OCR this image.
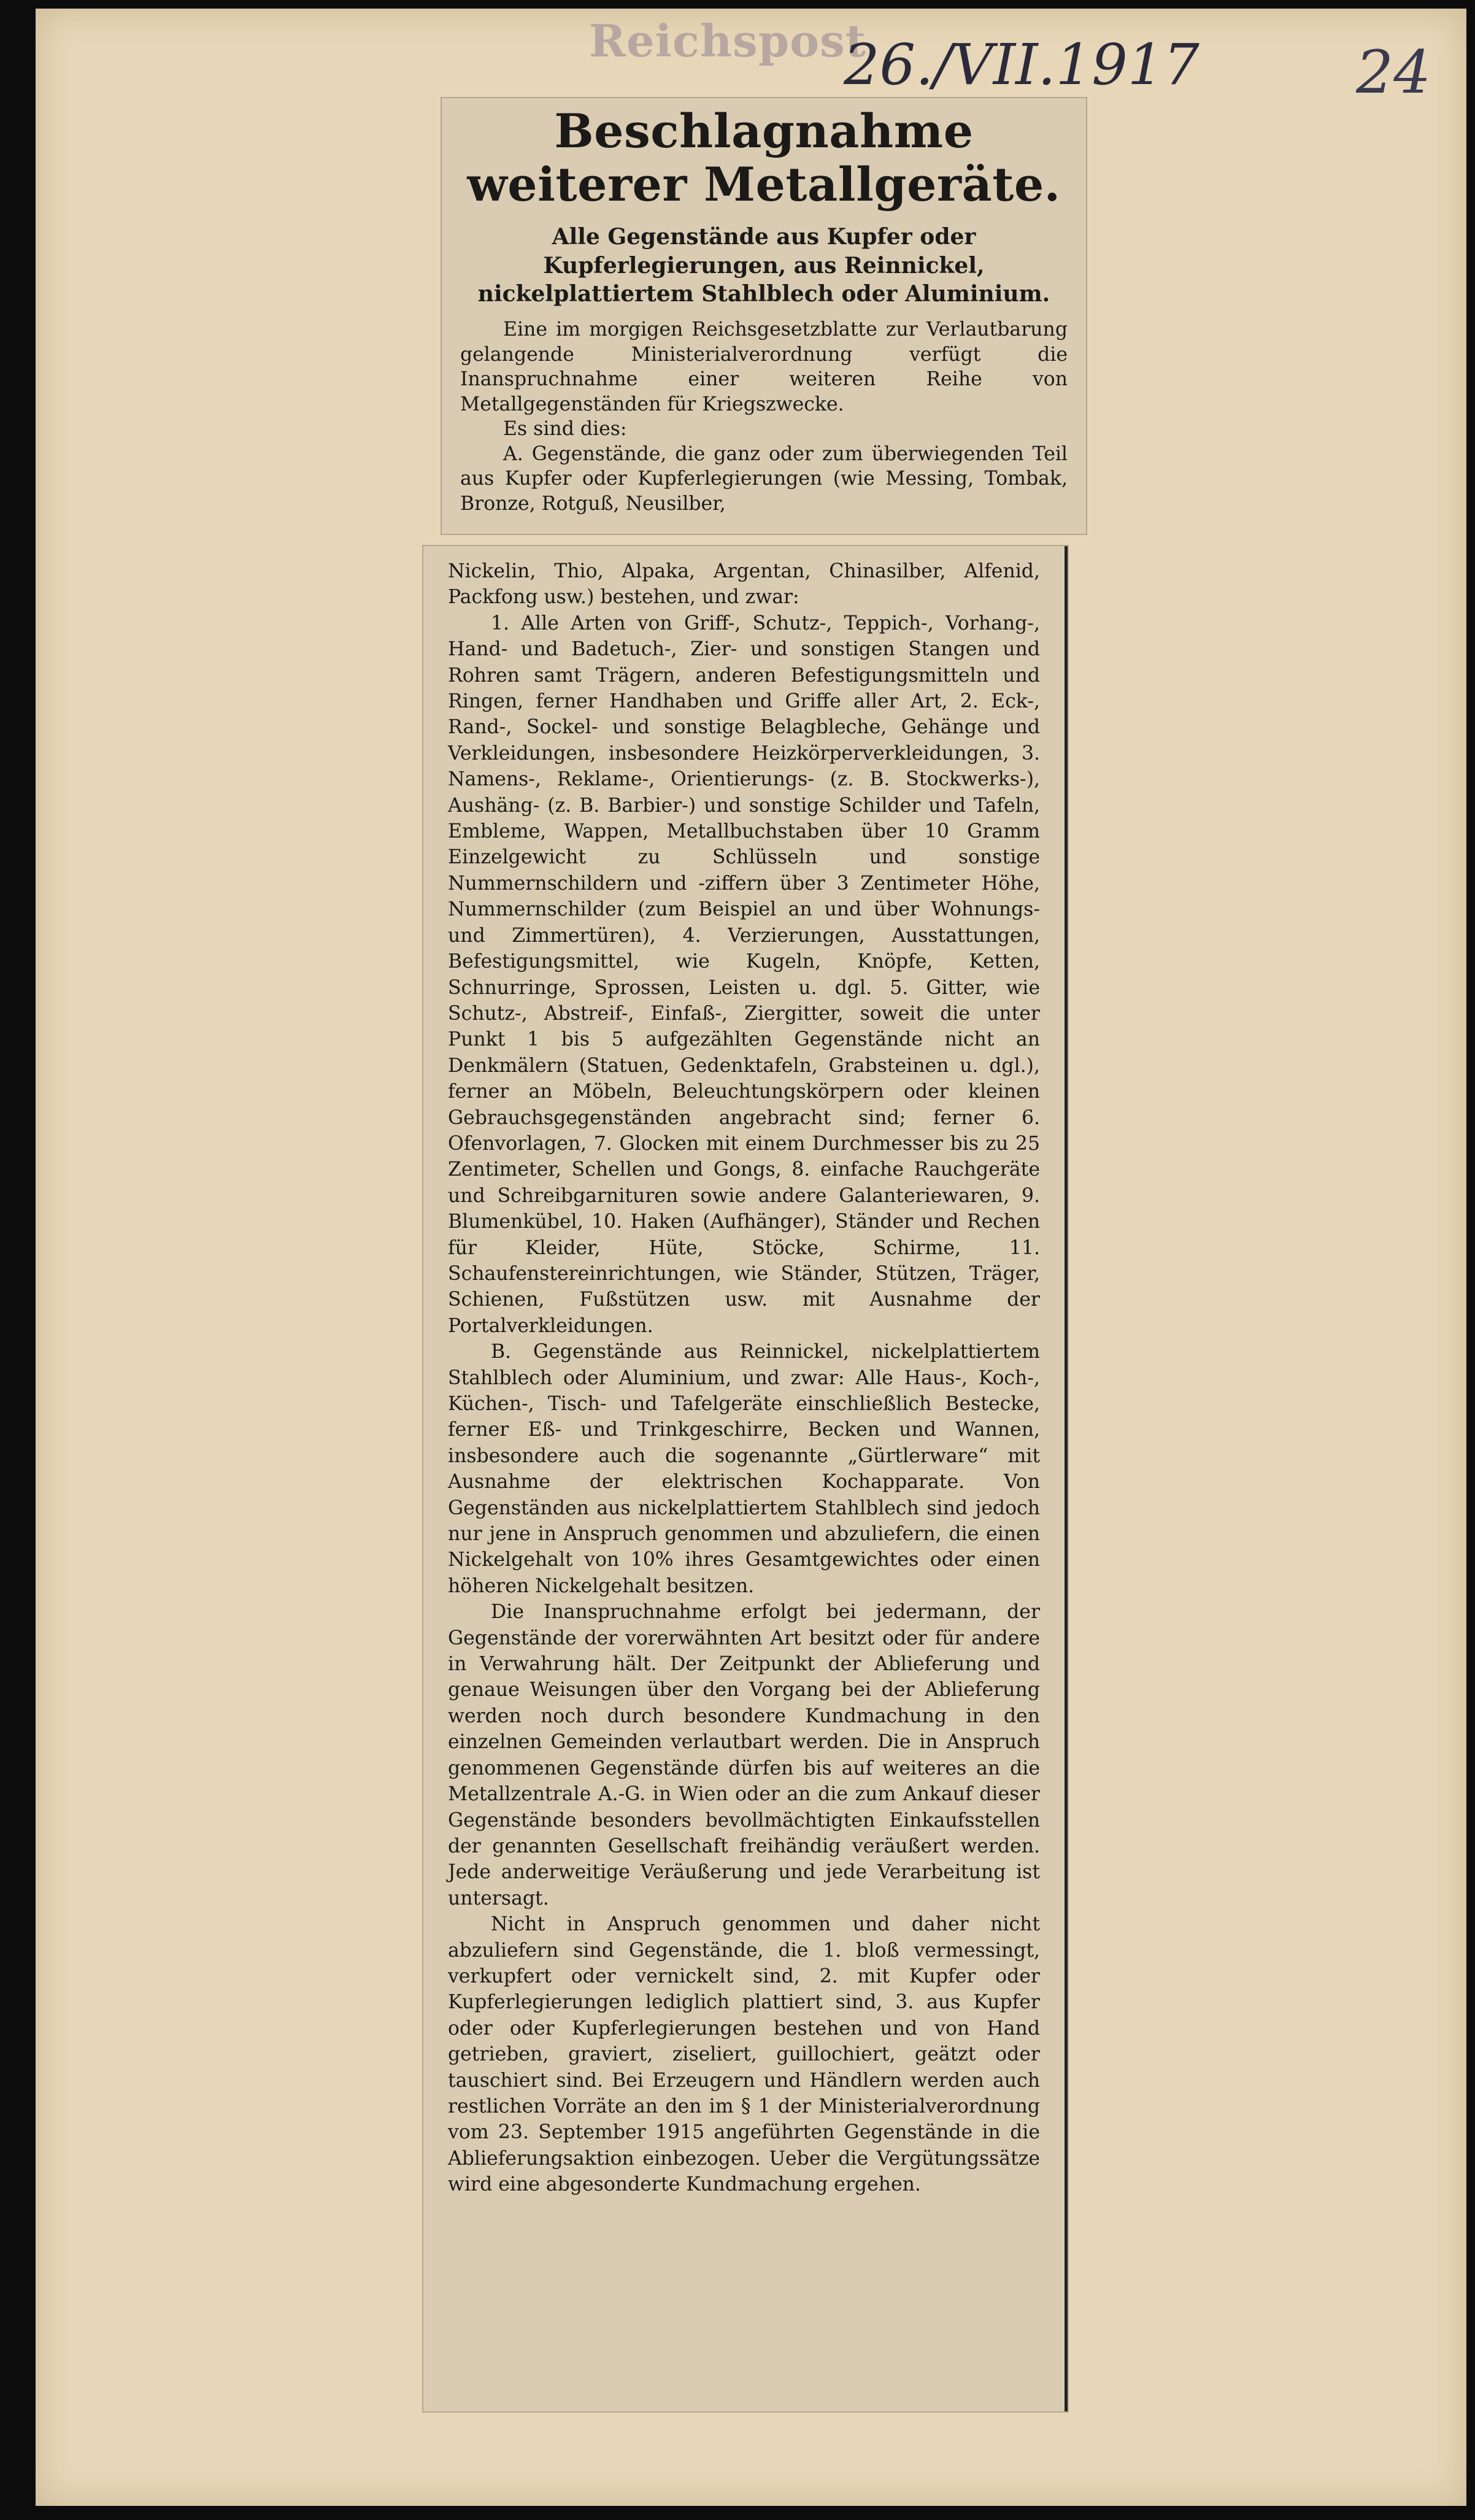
Reichspost
26./VII.1917	24
Beschlagnahme weiterer Metallgeräte.
Alle Gegenstände aus Kupfer oder Kupferlegierungen, aus Reinnickel, nickelplattiertem Stahlblech oder Aluminium.

Eine im morgigen Reichsgesetzblatte zur Verlautbarung gelangende Ministerialverordnung verfügt die Inanspruchnahme einer weiteren Reihe von Metallgegenständen für Kriegszwecke.

Es sind dies:

A. Gegenstände, die ganz oder zum überwiegenden Teil aus Kupfer oder Kupferlegierungen (wie Messing, Tombak, Bronze, Rotguß, Neusilber,

Nickelin, Thio, Alpaka, Argentan, Chinasilber, Alfenid, Packfong usw.) bestehen, und zwar:

1. Alle Arten von Griff-, Schutz-, Teppich-, Vorhang-, Hand- und Badetuch-, Zier- und sonstigen Stangen und Rohren samt Trägern, anderen Befestigungsmitteln und Ringen, ferner Handhaben und Griffe aller Art, 2. Eck-, Rand-, Sockel- und sonstige Belagbleche, Gehänge und Verkleidungen, insbesondere Heizkörperverkleidungen, 3. Namens-, Reklame-, Orientierungs- (z. B. Stockwerks-), Aushäng- (z. B. Barbier-) und sonstige Schilder und Tafeln, Embleme, Wappen, Metallbuchstaben über 10 Gramm Einzelgewicht zu Schlüsseln und sonstige Nummernschildern und -ziffern über 3 Zentimeter Höhe, Nummernschilder (zum Beispiel an und über Wohnungs- und Zimmertüren), 4. Verzierungen, Ausstattungen, Befestigungsmittel, wie Kugeln, Knöpfe, Ketten, Schnurringe, Sprossen, Leisten u. dgl. 5. Gitter, wie Schutz-, Abstreif-, Einfaß-, Ziergitter, soweit die unter Punkt 1 bis 5 aufgezählten Gegenstände nicht an Denkmälern (Statuen, Gedenktafeln, Grabsteinen u. dgl.), ferner an Möbeln, Beleuchtungskörpern oder kleinen Gebrauchsgegenständen angebracht sind; ferner 6. Ofenvorlagen, 7. Glocken mit einem Durchmesser bis zu 25 Zentimeter, Schellen und Gongs, 8. einfache Rauchgeräte und Schreibgarnituren sowie andere Galanteriewaren, 9. Blumenkübel, 10. Haken (Aufhänger), Ständer und Rechen für Kleider, Hüte, Stöcke, Schirme, 11. Schaufenstereinrichtungen, wie Ständer, Stützen, Träger, Schienen, Fußstützen usw. mit Ausnahme der Portalverkleidungen.

B. Gegenstände aus Reinnickel, nickelplattiertem Stahlblech oder Aluminium, und zwar: Alle Haus-, Koch-, Küchen-, Tisch- und Tafelgeräte einschließlich Bestecke, ferner Eß- und Trinkgeschirre, Becken und Wannen, insbesondere auch die sogenannte „Gürtlerware“ mit Ausnahme der elektrischen Kochapparate. Von Gegenständen aus nickelplattiertem Stahlblech sind jedoch nur jene in Anspruch genommen und abzuliefern, die einen Nickelgehalt von 10% ihres Gesamtgewichtes oder einen höheren Nickelgehalt besitzen.

Die Inanspruchnahme erfolgt bei jedermann, der Gegenstände der vorerwähnten Art besitzt oder für andere in Verwahrung hält. Der Zeitpunkt der Ablieferung und genaue Weisungen über den Vorgang bei der Ablieferung werden noch durch besondere Kundmachung in den einzelnen Gemeinden verlautbart werden. Die in Anspruch genommenen Gegenstände dürfen bis auf weiteres an die Metallzentrale A.-G. in Wien oder an die zum Ankauf dieser Gegenstände besonders bevollmächtigten Einkaufsstellen der genannten Gesellschaft freihändig veräußert werden. Jede anderweitige Veräußerung und jede Verarbeitung ist untersagt.

Nicht in Anspruch genommen und daher nicht abzuliefern sind Gegenstände, die 1. bloß vermessingt, verkupfert oder vernickelt sind, 2. mit Kupfer oder Kupferlegierungen lediglich plattiert sind, 3. aus Kupfer oder oder Kupferlegierungen bestehen und von Hand getrieben, graviert, ziseliert, guillochiert, geätzt oder tauschiert sind. Bei Erzeugern und Händlern werden auch restlichen Vorräte an den im § 1 der Ministerialverordnung vom 23. September 1915 angeführten Gegenstände in die Ablieferungsaktion einbezogen. Ueber die Vergütungssätze wird eine abgesonderte Kundmachung ergehen.
